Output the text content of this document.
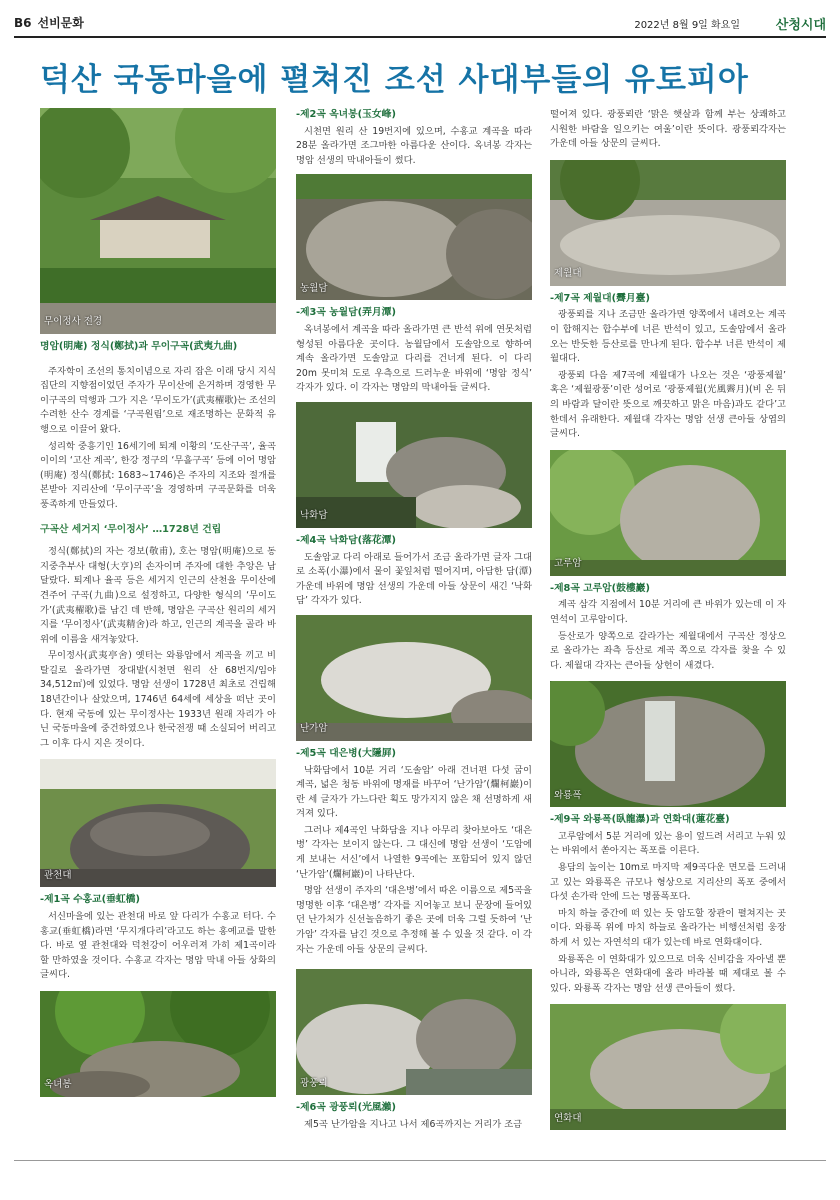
B6 선비문화	2022년 8월 9일 화요일	산청시대
덕산 국동마을에 펼쳐진 조선 사대부들의 유토피아
무이정사 전경
명암(明庵) 정식(鄭拭)과 무이구곡(武夷九曲)

주자학이 조선의 통치이념으로 자리 잡은 이래 당시 지식집단의 지향점이었던 주자가 무이산에 은거하며 경영한 무이구곡의 덕행과 그가 지은 ‘무이도가’(武夷櫂歌)는 조선의 수려한 산수 경계를 ‘구곡원림’으로 재조명하는 문화적 유행으로 이끌어 왔다.

성리학 중흥기인 16세기에 퇴계 이황의 ‘도산구곡’, 율곡 이이의 ‘고산 계곡’, 한강 정구의 ‘무흘구곡’ 등에 이어 명암(明庵) 정식(鄭拭: 1683∼1746)은 주자의 지조와 절개를 본받아 지리산에 ‘무이구곡’을 경영하며 구곡문화를 더욱 풍족하게 만들었다.

구곡산 세거지 ‘무이정사’ …1728년 건립

정식(鄭拭)의 자는 경보(敬甫), 호는 명암(明庵)으로 동지중추부사 대형(大亨)의 손자이며 주자에 대한 추앙은 남달랐다. 퇴계나 율곡 등은 세거지 인근의 산천을 무이산에 견주어 구곡(九曲)으로 설정하고, 다양한 형식의 ‘무이도가’(武夷櫂歌)를 남긴 데 반해, 명암은 구곡산 원리의 세거지를 ‘무이정사’(武夷精舍)라 하고, 인근의 계곡을 골라 바위에 이름을 새겨놓았다.

무이정사(武夷亭舍) 옛터는 와룡암에서 계곡을 끼고 비탈길로 올라가면 장대밭(시천면 원리 산 68번지/임야 34,512㎡)에 있었다. 명암 선생이 1728년 최초로 건립해 18년간이나 살았으며, 1746년 64세에 세상을 떠난 곳이다. 현재 국동에 있는 무이정사는 1933년 원래 자리가 아닌 국동마을에 중건하였으나 한국전쟁 때 소실되어 버리고 그 이후 다시 지은 것이다.

관천대
-제1곡 수홍교(垂虹橋)

서신마을에 있는 관천대 바로 앞 다리가 수홍교 터다. 수홍교(垂虹橋)라면 ‘무지개다리’라고도 하는 홍예교를 말한다. 바로 옆 관천대와 덕천강이 어우러져 가히 제1곡이라 할 만하였을 것이다. 수홍교 각자는 명암 막내 아들 상화의 글씨다.

옥녀봉
-제2곡 옥녀봉(玉女峰)

시천면 원리 산 19번지에 있으며, 수홍교 계곡을 따라 28분 올라가면 조그마한 아름다운 산이다. 옥녀봉 각자는 명암 선생의 막내아들이 썼다.

농월담
-제3곡 농월담(弄月潭)

옥녀봉에서 계곡을 따라 올라가면 큰 반석 위에 연못처럼 형성된 아름다운 곳이다. 농월담에서 도솔암으로 향하여 계속 올라가면 도솔암교 다리를 건너게 된다. 이 다리 20m 못미쳐 도로 우측으로 드러누운 바위에 ‘명암 정식’ 각자가 있다. 이 각자는 명암의 막내아들 글씨다.

낙화담
-제4곡 낙화담(落花潭)

도솔암교 다리 아래로 들어가서 조금 올라가면 글자 그대로 소폭(小瀑)에서 물이 꽃잎처럼 떨어지며, 아담한 담(潭) 가운데 바위에 명암 선생의 가운데 아들 상문이 새긴 ‘낙화담’ 각자가 있다.

난가암
-제5곡 대은병(大隱屛)

낙화담에서 10분 거리 ‘도솔암’ 아래 건너편 다섯 굽이 계곡, 넓은 청동 바위에 명재를 바꾸어 ‘난가암’(爛柯巖)이란 세 글자가 가느다란 획도 망가지지 않은 채 선명하게 새겨져 있다.

그러나 제4곡인 낙화담을 지나 아무리 찾아보아도 ‘대은병’ 각자는 보이지 않는다. 그 대신에 명암 선생이 ‘도암에게 보내는 서신’에서 나열한 9곡에는 포함되어 있지 않던 ‘난가암’(爛柯巖)이 나타난다.

명암 선생이 주자의 ‘대은병’에서 따온 이름으로 제5곡을 명명한 이후 ‘대은병’ 각자를 지어놓고 보니 문장에 들어있던 난가처가 신선놀음하기 좋은 곳에 더욱 그럴 듯하여 ‘난가암’ 각자를 남긴 것으로 추정해 볼 수 있을 것 같다. 이 각자는 가운데 아들 상문의 글씨다.

광풍뢰
-제6곡 광풍뢰(光風瀨)

제5곡 난가암을 지나고 나서 제6곡까지는 거리가 조금

떨어져 있다. 광풍뢰란 ‘맑은 햇살과 함께 부는 상쾌하고 시원한 바람을 일으키는 여울’이란 뜻이다. 광풍뢰각자는 가운데 아들 상문의 글씨다.

제월대
-제7곡 제월대(霽月臺)

광풍뢰를 지나 조금만 올라가면 양쪽에서 내려오는 계곡이 합해지는 합수부에 너른 반석이 있고, 도솔암에서 올라오는 반듯한 등산로를 만나게 된다. 합수부 너른 반석이 제월대다.

광풍뢰 다음 제7곡에 제월대가 나오는 것은 ‘광풍제월’ 혹은 ‘제월광풍’이란 성어로 ‘광풍제월(光風霽月)(비 온 뒤의 바람과 달이란 뜻으로 깨끗하고 맑은 마음)과도 같다’고 한데서 유래한다. 제월대 각자는 명암 선생 큰아들 상엽의 글씨다.

고루암
-제8곡 고루암(鼓樓巖)

계곡 삼각 지점에서 10분 거리에 큰 바위가 있는데 이 자연석이 고루암이다.

등산로가 양쪽으로 갈라가는 제월대에서 구곡산 정상으로 올라가는 좌측 등산로 계곡 쪽으로 각자를 찾을 수 있다. 제월대 각자는 큰아들 상헌이 새겼다.

와룡폭
-제9곡 와룡폭(臥龍瀑)과 연화대(蓮花臺)

고루암에서 5분 거리에 있는 용이 엎드려 서리고 누워 있는 바위에서 쏟아지는 폭포를 이른다.

용담의 높이는 10m로 마지막 제9곡다운 면모를 드러내고 있는 와룡폭은 규모나 형상으로 지리산의 폭포 중에서 다섯 손가락 안에 드는 명품폭포다.

마치 하늘 중간에 떠 있는 듯 암도할 장관이 펼쳐지는 곳이다. 와룡폭 위에 마치 하늘로 올라가는 비행선처럼 웅장하게 서 있는 자연석의 대가 있는데 바로 연화대이다.

와룡폭은 이 연화대가 있으므로 더욱 신비감을 자아낼 뿐 아니라, 와룡폭은 연화대에 올라 바라볼 때 제대로 볼 수 있다. 와룡폭 각자는 명암 선생 큰아들이 썼다.

연화대
